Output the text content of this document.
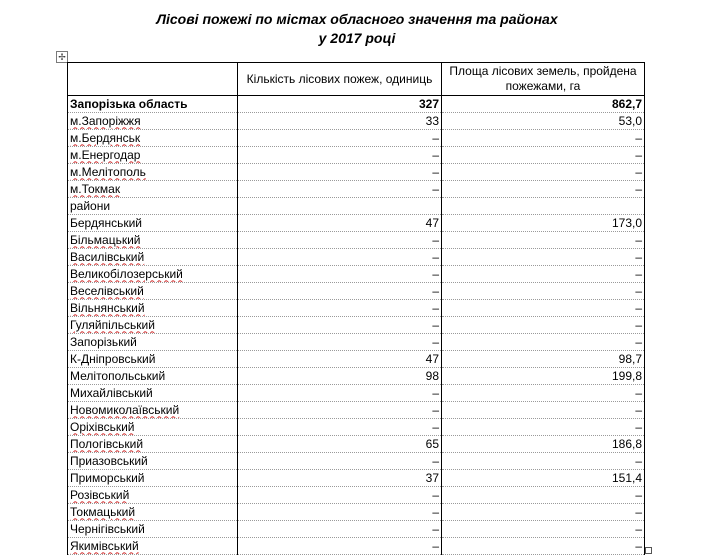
Лісові пожежі по містах обласного значення та районах
у 2017 році
✢
	Кількість лісових пожеж, одиниць	Площа лісових земель, пройдена пожежами, га
Запорізька область	327	862,7
м.Запоріжжя	33	53,0
м.Бердянськ	–	–
м.Енергодар	–	–
м.Мелітополь	–	–
м.Токмак	–	–
райони		
Бердянський	47	173,0
Більмацький	–	–
Василівський	–	–
Великобілозерський	–	–
Веселівський	–	–
Вільнянський	–	–
Гуляйпільський	–	–
Запорізький	–	–
К-Дніпровський	47	98,7
Мелітопольський	98	199,8
Михайлівський	–	–
Новомиколаївський	–	–
Оріхівський	–	–
Пологівський	65	186,8
Приазовський	–	–
Приморський	37	151,4
Розівський	–	–
Токмацький	–	–
Чернігівський	–	–
Якимівський	–	–
